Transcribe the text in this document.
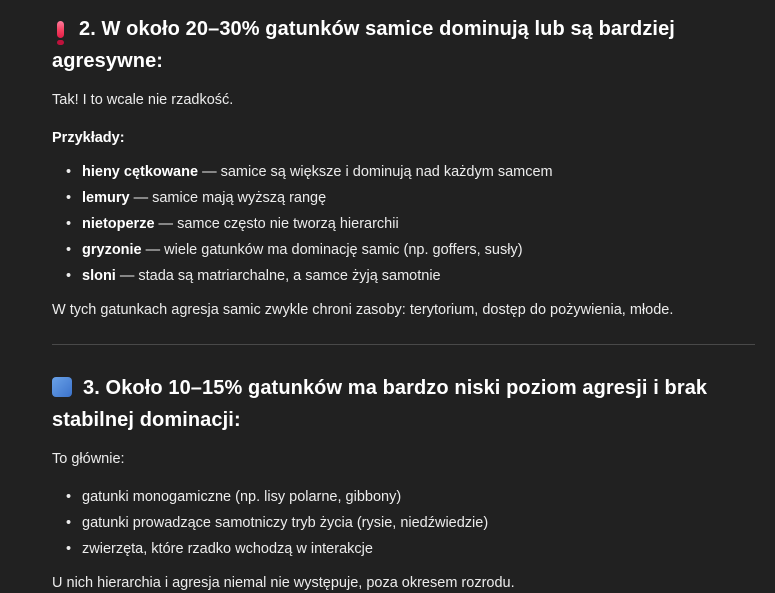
2. W około 20–30% gatunków samice dominują lub są bardziej agresywne:

Tak! I to wcale nie rzadkość.

Przykłady:

• hieny cętkowane — samice są większe i dominują nad każdym samcem
• lemury — samice mają wyższą rangę
• nietoperze — samce często nie tworzą hierarchii
• gryzonie — wiele gatunków ma dominację samic (np. goffers, susły)
• sloni — stada są matriarchalne, a samce żyją samotnie

W tych gatunkach agresja samic zwykle chroni zasoby: terytorium, dostęp do pożywienia, młode.

3. Około 10–15% gatunków ma bardzo niski poziom agresji i brak stabilnej dominacji:

To głównie:

• gatunki monogamiczne (np. lisy polarne, gibbony)
• gatunki prowadzące samotniczy tryb życia (rysie, niedźwiedzie)
• zwierzęta, które rzadko wchodzą w interakcje

U nich hierarchia i agresja niemal nie występuje, poza okresem rozrodu.
